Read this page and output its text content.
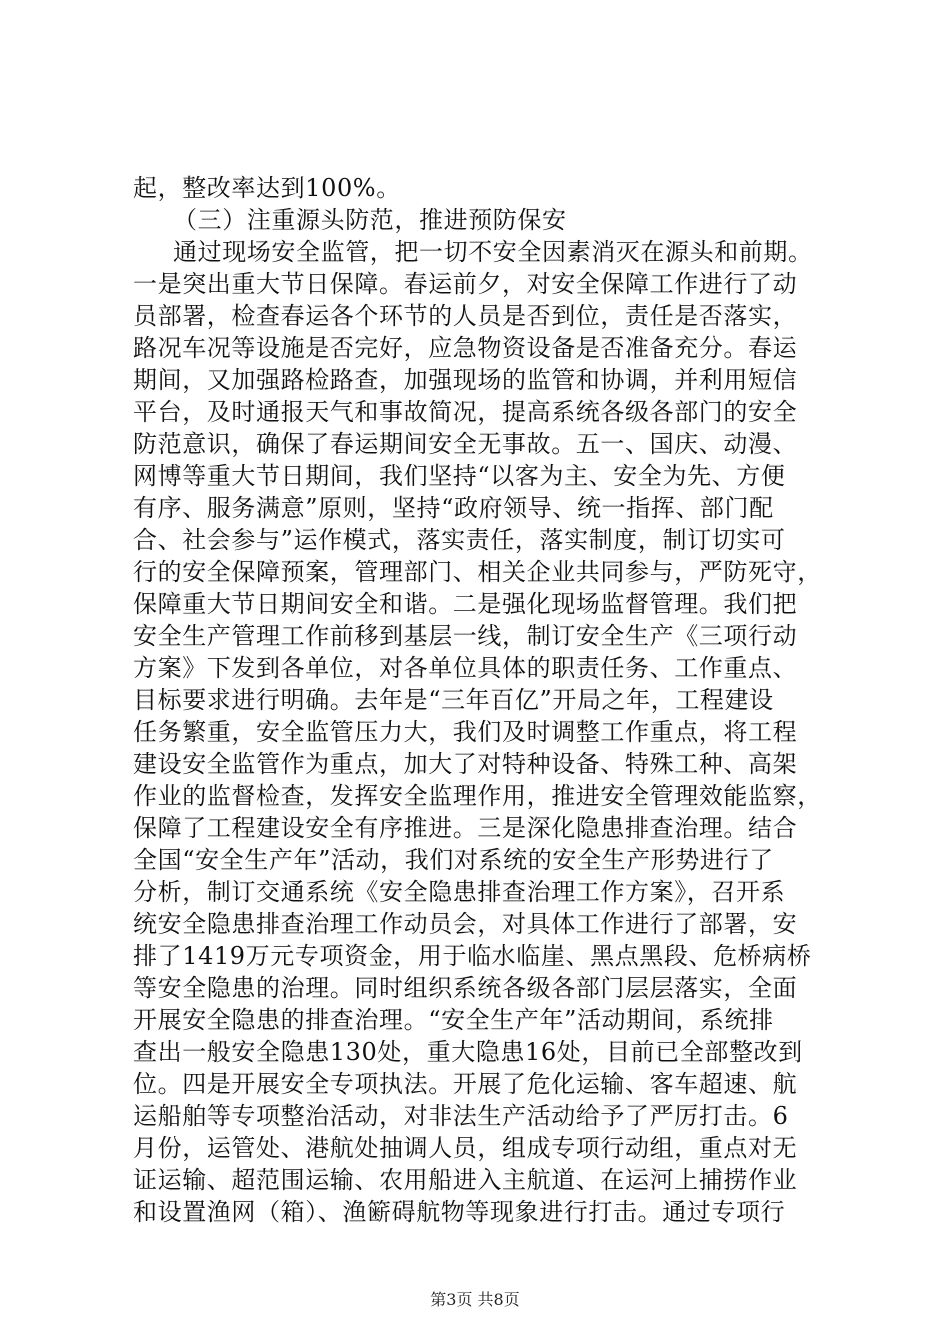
起，整改率达到100%。
（三）注重源头防范，推进预防保安
通过现场安全监管，把一切不安全因素消灭在源头和前期。
一是突出重大节日保障。春运前夕，对安全保障工作进行了动
员部署，检查春运各个环节的人员是否到位，责任是否落实，
路况车况等设施是否完好，应急物资设备是否准备充分。春运
期间，又加强路检路查，加强现场的监管和协调，并利用短信
平台，及时通报天气和事故简况，提高系统各级各部门的安全
防范意识，确保了春运期间安全无事故。五一、国庆、动漫、
网博等重大节日期间，我们坚持“以客为主、安全为先、方便
有序、服务满意”原则，坚持“政府领导、统一指挥、部门配
合、社会参与”运作模式，落实责任，落实制度，制订切实可
行的安全保障预案，管理部门、相关企业共同参与，严防死守，
保障重大节日期间安全和谐。二是强化现场监督管理。我们把
安全生产管理工作前移到基层一线，制订安全生产《三项行动
方案》下发到各单位，对各单位具体的职责任务、工作重点、
目标要求进行明确。去年是“三年百亿”开局之年，工程建设
任务繁重，安全监管压力大，我们及时调整工作重点，将工程
建设安全监管作为重点，加大了对特种设备、特殊工种、高架
作业的监督检查，发挥安全监理作用，推进安全管理效能监察，
保障了工程建设安全有序推进。三是深化隐患排查治理。结合
全国“安全生产年”活动，我们对系统的安全生产形势进行了
分析，制订交通系统《安全隐患排查治理工作方案》，召开系
统安全隐患排查治理工作动员会，对具体工作进行了部署，安
排了1419万元专项资金，用于临水临崖、黑点黑段、危桥病桥
等安全隐患的治理。同时组织系统各级各部门层层落实，全面
开展安全隐患的排查治理。“安全生产年”活动期间，系统排
查出一般安全隐患130处，重大隐患16处，目前已全部整改到
位。四是开展安全专项执法。开展了危化运输、客车超速、航
运船舶等专项整治活动，对非法生产活动给予了严厉打击。6
月份，运管处、港航处抽调人员，组成专项行动组，重点对无
证运输、超范围运输、农用船进入主航道、在运河上捕捞作业
和设置渔网（箱）、渔簖碍航物等现象进行打击。通过专项行
第3页 共8页
